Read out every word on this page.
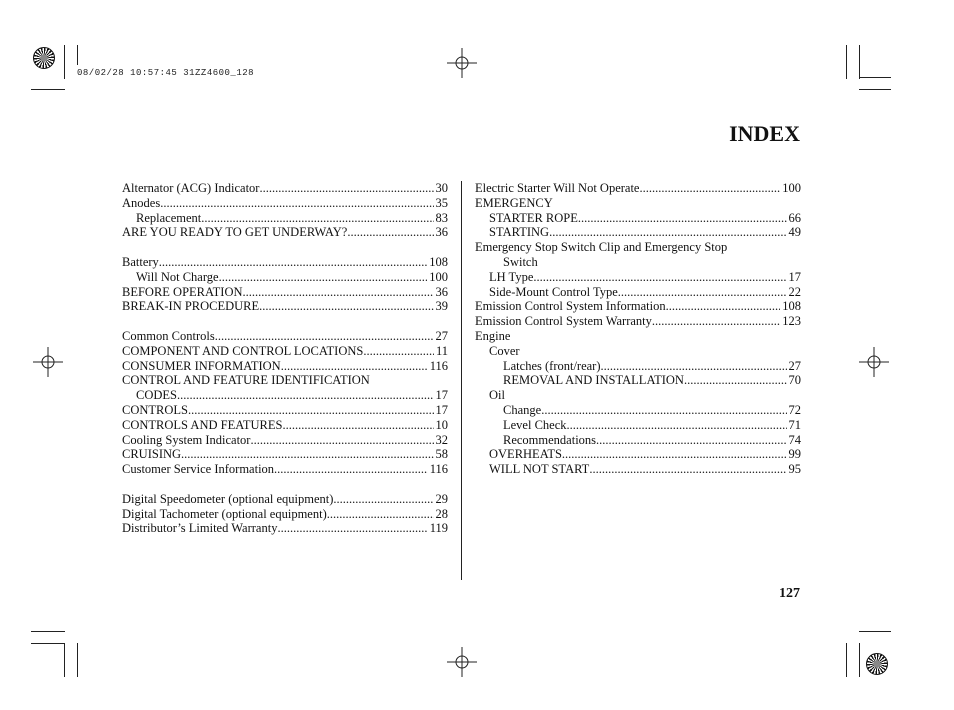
08/02/28 10:57:45 31ZZ4600_128
INDEX
Alternator (ACG) Indicator .....	30
Anodes .....	35
Replacement .....	83
ARE YOU READY TO GET UNDERWAY? .....	36
Battery .....	108
Will Not Charge .....	100
BEFORE OPERATION .....	36
BREAK-IN PROCEDURE .....	39
Common Controls .....	27
COMPONENT AND CONTROL LOCATIONS .....	11
CONSUMER INFORMATION .....	116
CONTROL AND FEATURE IDENTIFICATION
CODES .....	17
CONTROLS .....	17
CONTROLS AND FEATURES .....	10
Cooling System Indicator .....	32
CRUISING .....	58
Customer Service Information .....	116
Digital Speedometer (optional equipment) .....	29
Digital Tachometer (optional equipment) .....	28
Distributor’s Limited Warranty .....	119
Electric Starter Will Not Operate .....	100
EMERGENCY
STARTER ROPE .....	66
STARTING .....	49
Emergency Stop Switch Clip and Emergency Stop
Switch
LH Type .....	17
Side-Mount Control Type .....	22
Emission Control System Information .....	108
Emission Control System Warranty .....	123
Engine
Cover
Latches (front/rear) .....	27
REMOVAL AND INSTALLATION .....	70
Oil
Change .....	72
Level Check .....	71
Recommendations .....	74
OVERHEATS .....	99
WILL NOT START .....	95
127
